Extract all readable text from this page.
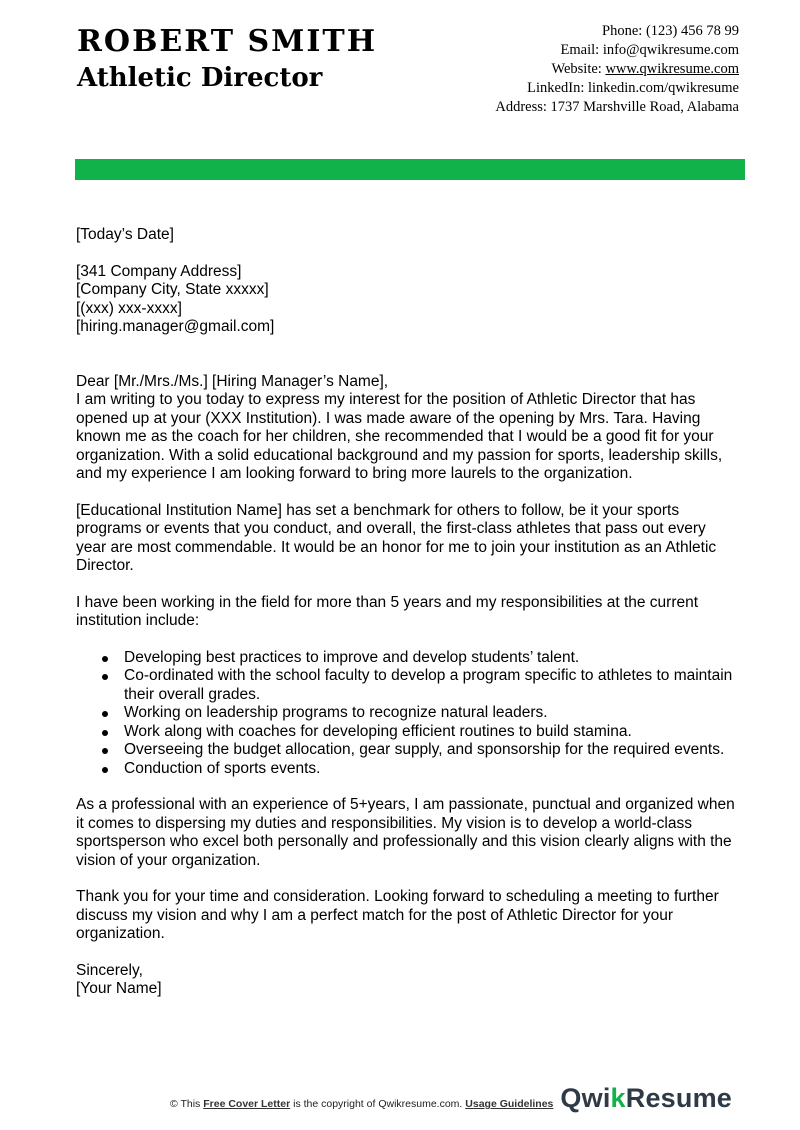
ROBERT SMITH
Athletic Director
Phone: (123) 456 78 99
Email: info@qwikresume.com
Website: www.qwikresume.com
LinkedIn: linkedin.com/qwikresume
Address: 1737 Marshville Road, Alabama

[Today’s Date]

[341 Company Address]

[Company City, State xxxxx]

[(xxx) xxx-xxxx]

[hiring.manager@gmail.com]

Dear [Mr./Mrs./Ms.] [Hiring Manager’s Name],

I am writing to you today to express my interest for the position of Athletic Director that has opened up at your (XXX Institution). I was made aware of the opening by Mrs. Tara. Having known me as the coach for her children, she recommended that I would be a good fit for your organization. With a solid educational background and my passion for sports, leadership skills, and my experience I am looking forward to bring more laurels to the organization.

[Educational Institution Name] has set a benchmark for others to follow, be it your sports programs or events that you conduct, and overall, the first-class athletes that pass out every year are most commendable. It would be an honor for me to join your institution as an Athletic Director.

I have been working in the field for more than 5 years and my responsibilities at the current institution include:

Developing best practices to improve and develop students’ talent.
Co-ordinated with the school faculty to develop a program specific to athletes to maintain their overall grades.
Working on leadership programs to recognize natural leaders.
Work along with coaches for developing efficient routines to build stamina.
Overseeing the budget allocation, gear supply, and sponsorship for the required events.
Conduction of sports events.

As a professional with an experience of 5+years, I am passionate, punctual and organized when it comes to dispersing my duties and responsibilities. My vision is to develop a world-class sportsperson who excel both personally and professionally and this vision clearly aligns with the vision of your organization.

Thank you for your time and consideration. Looking forward to scheduling a meeting to further discuss my vision and why I am a perfect match for the post of Athletic Director for your organization.

Sincerely,

[Your Name]

© This Free Cover Letter is the copyright of Qwikresume.com. Usage Guidelines QwikResume
